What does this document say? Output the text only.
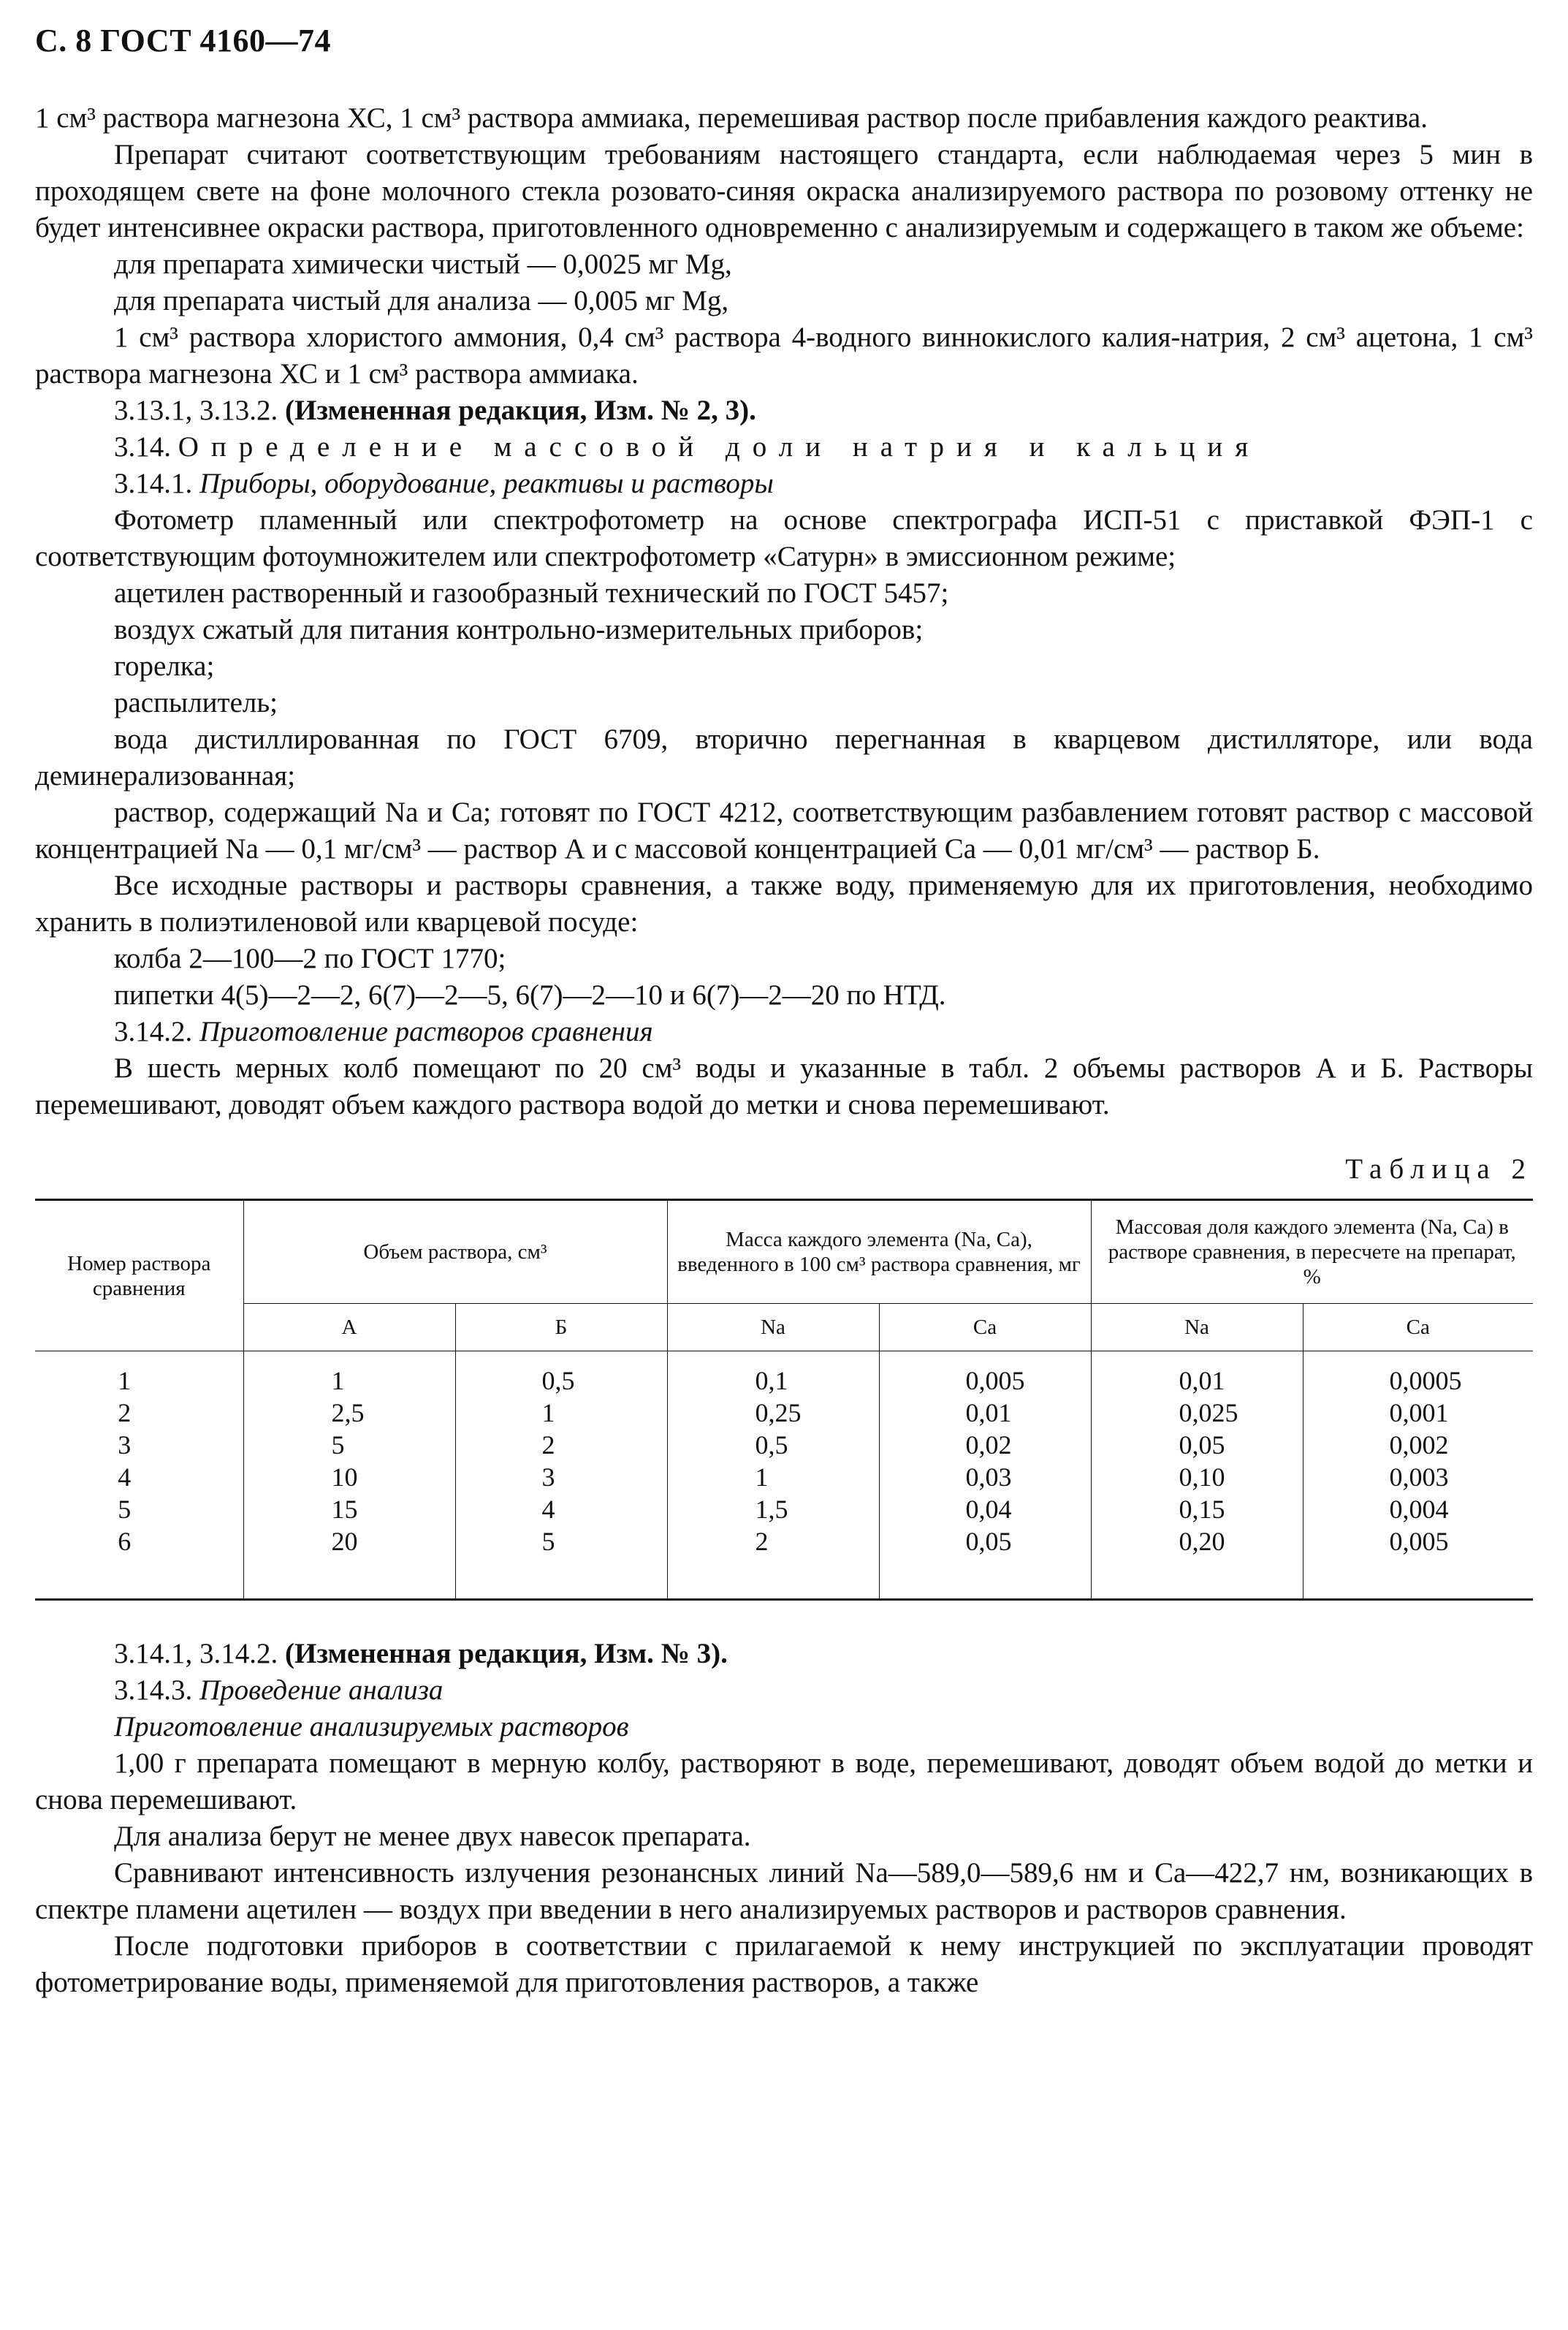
С. 8 ГОСТ 4160—74

1 см³ раствора магнезона ХС, 1 см³ раствора аммиака, перемешивая раствор после прибавления каждого реактива.

Препарат считают соответствующим требованиям настоящего стандарта, если наблюдаемая через 5 мин в проходящем свете на фоне молочного стекла розовато-синяя окраска анализируемого раствора по розовому оттенку не будет интенсивнее окраски раствора, приготовленного одновременно с анализируемым и содержащего в таком же объеме:

для препарата химически чистый — 0,0025 мг Mg,

для препарата чистый для анализа — 0,005 мг Mg,

1 см³ раствора хлористого аммония, 0,4 см³ раствора 4-водного виннокислого калия-натрия, 2 см³ ацетона, 1 см³ раствора магнезона ХС и 1 см³ раствора аммиака.

3.13.1, 3.13.2. (Измененная редакция, Изм. № 2, 3).

3.14. Определение массовой доли натрия и кальция

3.14.1. Приборы, оборудование, реактивы и растворы

Фотометр пламенный или спектрофотометр на основе спектрографа ИСП-51 с приставкой ФЭП-1 с соответствующим фотоумножителем или спектрофотометр «Сатурн» в эмиссионном режиме;

ацетилен растворенный и газообразный технический по ГОСТ 5457;

воздух сжатый для питания контрольно-измерительных приборов;

горелка;

распылитель;

вода дистиллированная по ГОСТ 6709, вторично перегнанная в кварцевом дистилляторе, или вода деминерализованная;

раствор, содержащий Na и Ca; готовят по ГОСТ 4212, соответствующим разбавлением готовят раствор с массовой концентрацией Na — 0,1 мг/см³ — раствор А и с массовой концентрацией Ca — 0,01 мг/см³ — раствор Б.

Все исходные растворы и растворы сравнения, а также воду, применяемую для их приготовления, необходимо хранить в полиэтиленовой или кварцевой посуде:

колба 2—100—2 по ГОСТ 1770;

пипетки 4(5)—2—2, 6(7)—2—5, 6(7)—2—10 и 6(7)—2—20 по НТД.

3.14.2. Приготовление растворов сравнения

В шесть мерных колб помещают по 20 см³ воды и указанные в табл. 2 объемы растворов А и Б. Растворы перемешивают, доводят объем каждого раствора водой до метки и снова перемешивают.

Таблица 2
Номер раствора сравнения	Объем раствора, см³		Масса каждого элемента (Na, Ca), введенного в 100 см³ раствора сравнения, мг		Массовая доля каждого элемента (Na, Ca) в растворе сравнения, в пересчете на препарат, %	
	А	Б	Na	Ca	Na	Ca
1	1	0,5	0,1	0,005	0,01	0,0005
2	2,5	1	0,25	0,01	0,025	0,001
3	5	2	0,5	0,02	0,05	0,002
4	10	3	1	0,03	0,10	0,003
5	15	4	1,5	0,04	0,15	0,004
6	20	5	2	0,05	0,20	0,005

3.14.1, 3.14.2. (Измененная редакция, Изм. № 3).

3.14.3. Проведение анализа

Приготовление анализируемых растворов

1,00 г препарата помещают в мерную колбу, растворяют в воде, перемешивают, доводят объем водой до метки и снова перемешивают.

Для анализа берут не менее двух навесок препарата.

Сравнивают интенсивность излучения резонансных линий Na—589,0—589,6 нм и Ca—422,7 нм, возникающих в спектре пламени ацетилен — воздух при введении в него анализируемых растворов и растворов сравнения.

После подготовки приборов в соответствии с прилагаемой к нему инструкцией по эксплуатации проводят фотометрирование воды, применяемой для приготовления растворов, а также
